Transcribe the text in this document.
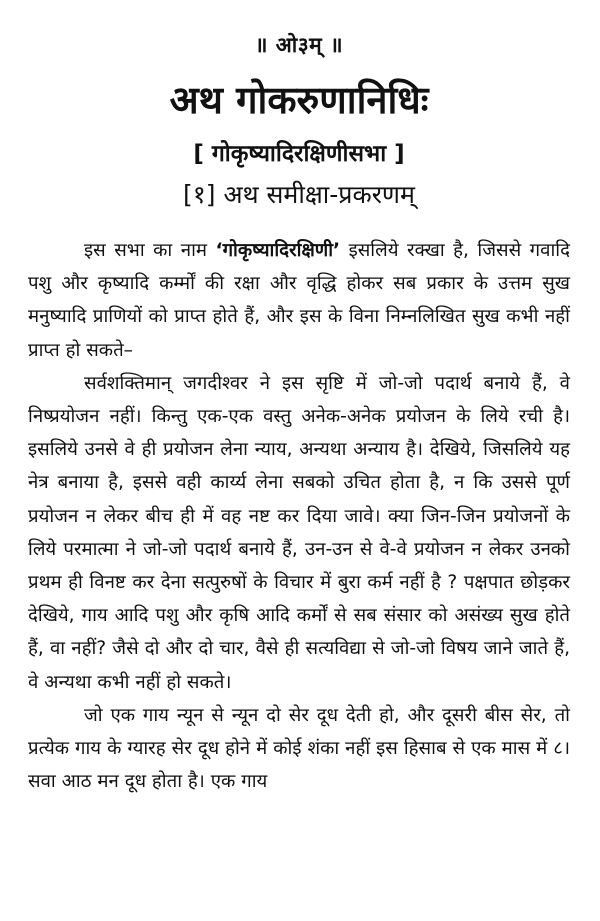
॥ ओ३म् ॥
अथ गोकरुणानिधिः
[ गोकृष्यादिरक्षिणीसभा ]
[१] अथ समीक्षा-प्रकरणम्

इस सभा का नाम ‘गोकृष्यादिरक्षिणी’ इसलिये रक्खा है, जिससे गवादि पशु और कृष्यादि कर्म्मों की रक्षा और वृद्धि होकर सब प्रकार के उत्तम सुख मनुष्यादि प्राणियों को प्राप्त होते हैं, और इस के विना निम्नलिखित सुख कभी नहीं प्राप्त हो सकते–

सर्वशक्तिमान् जगदीश्वर ने इस सृष्टि में जो-जो पदार्थ बनाये हैं, वे निष्प्रयोजन नहीं। किन्तु एक-एक वस्तु अनेक-अनेक प्रयोजन के लिये रची है। इसलिये उनसे वे ही प्रयोजन लेना न्याय, अन्यथा अन्याय है। देखिये, जिसलिये यह नेत्र बनाया है, इससे वही कार्य्य लेना सबको उचित होता है, न कि उससे पूर्ण प्रयोजन न लेकर बीच ही में वह नष्ट कर दिया जावे। क्या जिन-जिन प्रयोजनों के लिये परमात्मा ने जो-जो पदार्थ बनाये हैं, उन-उन से वे-वे प्रयोजन न लेकर उनको प्रथम ही विनष्ट कर देना सत्पुरुषों के विचार में बुरा कर्म नहीं है ? पक्षपात छोड़कर देखिये, गाय आदि पशु और कृषि आदि कर्मों से सब संसार को असंख्य सुख होते हैं, वा नहीं? जैसे दो और दो चार, वैसे ही सत्यविद्या से जो-जो विषय जाने जाते हैं, वे अन्यथा कभी नहीं हो सकते।

जो एक गाय न्यून से न्यून दो सेर दूध देती हो, और दूसरी बीस सेर, तो प्रत्येक गाय के ग्यारह सेर दूध होने में कोई शंका नहीं इस हिसाब से एक मास में ८। सवा आठ मन दूध होता है। एक गाय
